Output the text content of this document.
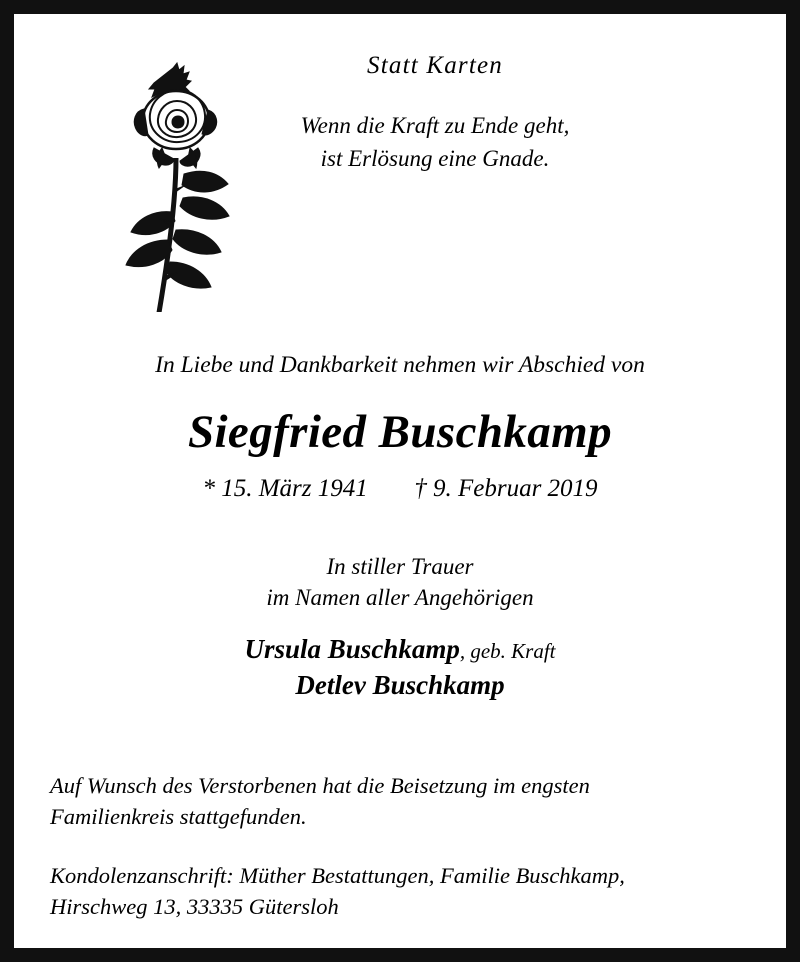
Statt Karten
Wenn die Kraft zu Ende geht,
ist Erlösung eine Gnade.
In Liebe und Dankbarkeit nehmen wir Abschied von
Siegfried Buschkamp
* 15. März 1941 † 9. Februar 2019
In stiller Trauer
im Namen aller Angehörigen
Ursula Buschkamp, geb. Kraft
Detlev Buschkamp
Auf Wunsch des Verstorbenen hat die Beisetzung im engsten
Familienkreis stattgefunden.
Kondolenzanschrift: Müther Bestattungen, Familie Buschkamp,
Hirschweg 13, 33335 Gütersloh
